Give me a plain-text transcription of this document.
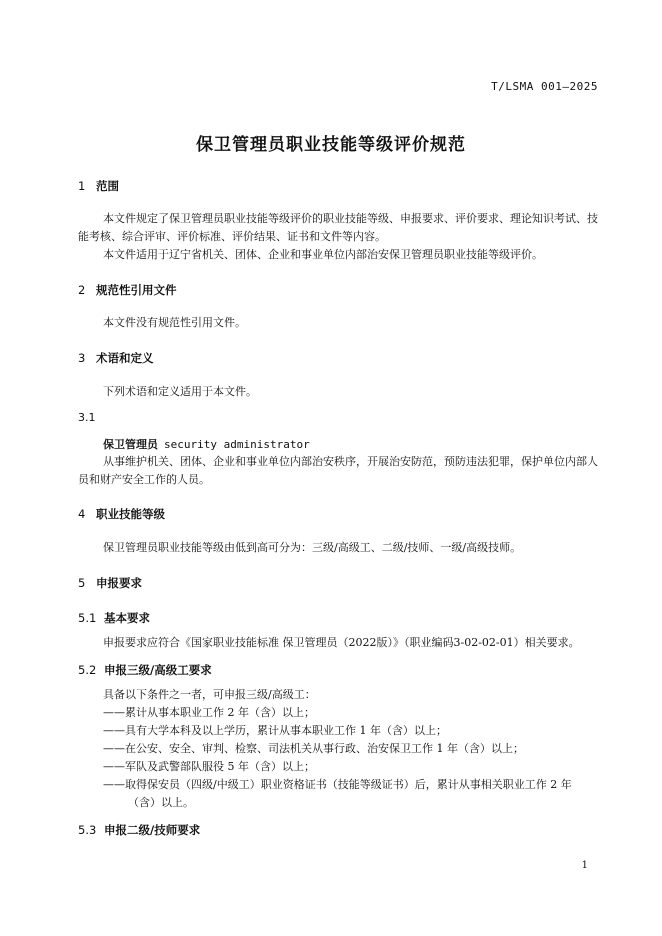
T/LSMA 001—2025
保卫管理员职业技能等级评价规范
1 范围

本文件规定了保卫管理员职业技能等级评价的职业技能等级、申报要求、评价要求、理论知识考试、技能考核、综合评审、评价标准、评价结果、证书和文件等内容。

本文件适用于辽宁省机关、团体、企业和事业单位内部治安保卫管理员职业技能等级评价。

2 规范性引用文件

本文件没有规范性引用文件。

3 术语和定义

下列术语和定义适用于本文件。

3.1
保卫管理员 security administrator

从事维护机关、团体、企业和事业单位内部治安秩序，开展治安防范，预防违法犯罪，保护单位内部人员和财产安全工作的人员。

4 职业技能等级

保卫管理员职业技能等级由低到高可分为：三级/高级工、二级/技师、一级/高级技师。

5 申报要求
5.1 基本要求

申报要求应符合《国家职业技能标准 保卫管理员（2022版）》（职业编码3-02-02-01）相关要求。

5.2 申报三级/高级工要求

具备以下条件之一者，可申报三级/高级工：

——累计从事本职业工作 2 年（含）以上；

——具有大学本科及以上学历，累计从事本职业工作 1 年（含）以上；

——在公安、安全、审判、检察、司法机关从事行政、治安保卫工作 1 年（含）以上；

——军队及武警部队服役 5 年（含）以上；

——取得保安员（四级/中级工）职业资格证书（技能等级证书）后，累计从事相关职业工作 2 年

（含）以上。

5.3 申报二级/技师要求
1
